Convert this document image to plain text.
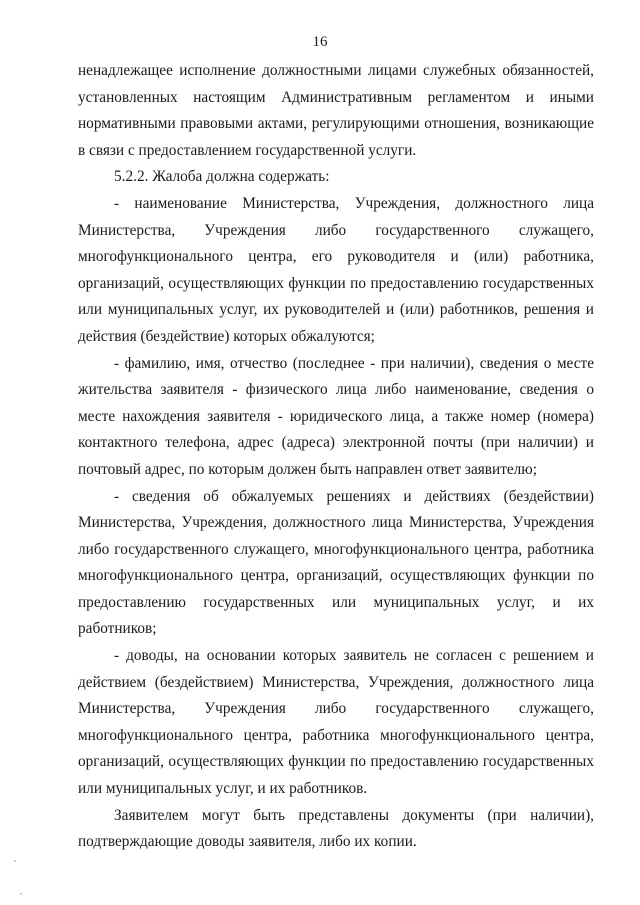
16

ненадлежащее исполнение должностными лицами служебных обязанностей, установленных настоящим Административным регламентом и иными нормативными правовыми актами, регулирующими отношения, возникающие в связи с предоставлением государственной услуги.

5.2.2. Жалоба должна содержать:

- наименование Министерства, Учреждения, должностного лица Министерства, Учреждения либо государственного служащего, многофункционального центра, его руководителя и (или) работника, организаций, осуществляющих функции по предоставлению государственных или муниципальных услуг, их руководителей и (или) работников, решения и действия (бездействие) которых обжалуются;

- фамилию, имя, отчество (последнее - при наличии), сведения о месте жительства заявителя - физического лица либо наименование, сведения о месте нахождения заявителя - юридического лица, а также номер (номера) контактного телефона, адрес (адреса) электронной почты (при наличии) и почтовый адрес, по которым должен быть направлен ответ заявителю;

- сведения об обжалуемых решениях и действиях (бездействии) Министерства, Учреждения, должностного лица Министерства, Учреждения либо государственного служащего, многофункционального центра, работника многофункционального центра, организаций, осуществляющих функции по предоставлению государственных или муниципальных услуг, и их работников;

- доводы, на основании которых заявитель не согласен с решением и действием (бездействием) Министерства, Учреждения, должностного лица Министерства, Учреждения либо государственного служащего, многофункционального центра, работника многофункционального центра, организаций, осуществляющих функции по предоставлению государственных или муниципальных услуг, и их работников.

Заявителем могут быть представлены документы (при наличии), подтверждающие доводы заявителя, либо их копии.
